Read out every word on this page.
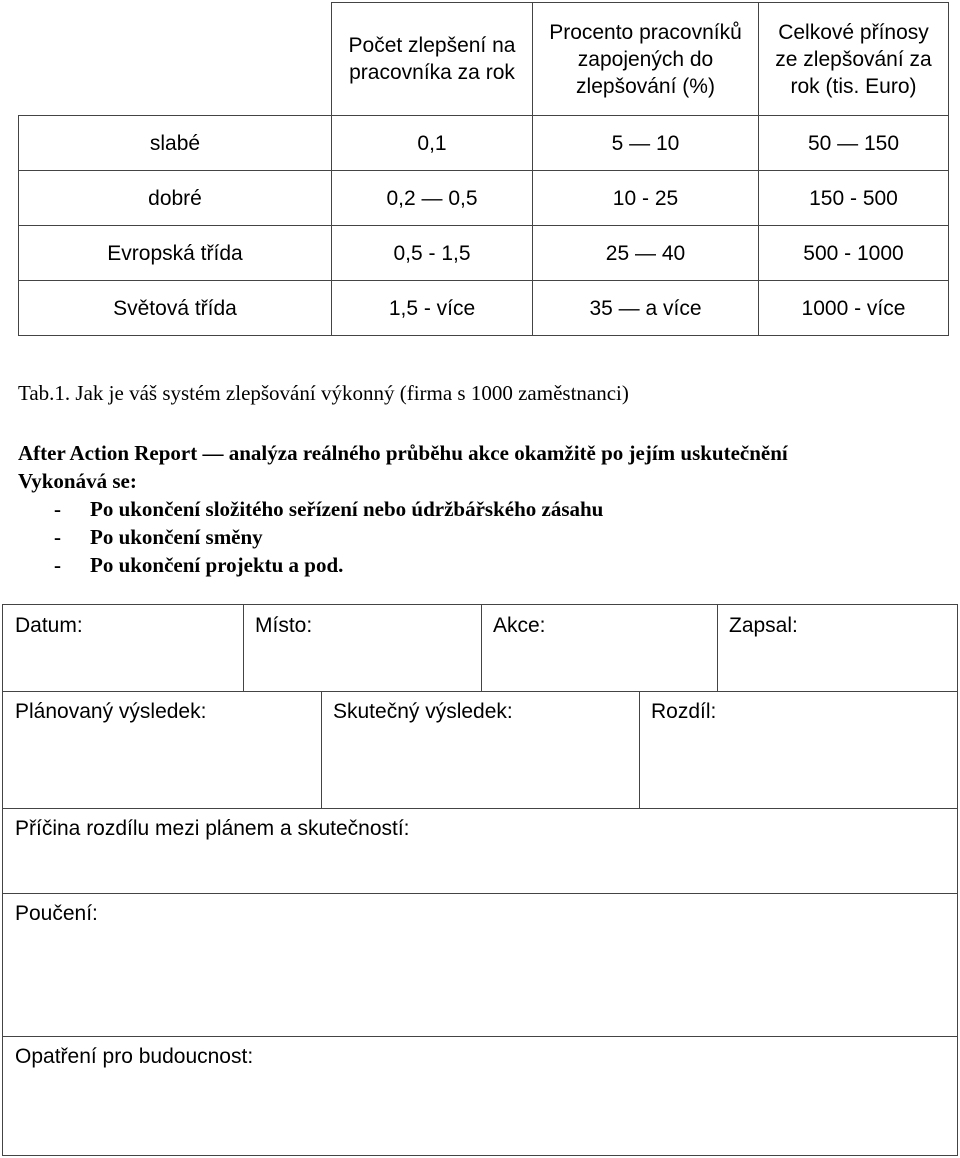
	Počet zlepšení na pracovníka za rok	Procento pracovníků zapojených do zlepšování (%)	Celkové přínosy ze zlepšování za rok (tis. Euro)
slabé	0,1	5 — 10	50 — 150
dobré	0,2 — 0,5	10 - 25	150 - 500
Evropská třída	0,5 - 1,5	25 — 40	500 - 1000
Světová třída	1,5 - více	35 — a více	1000 - více
Tab.1. Jak je váš systém zlepšování výkonný (firma s 1000 zaměstnanci)
After Action Report — analýza reálného průběhu akce okamžitě po jejím uskutečnění
Vykonává se:
-	Po ukončení složitého seřízení nebo údržbářského zásahu
-	Po ukončení směny
-	Po ukončení projektu a pod.
Datum:	Místo:	Akce:	Zapsal:
Plánovaný výsledek:	Skutečný výsledek:	Rozdíl:
Příčina rozdílu mezi plánem a skutečností:
Poučení:
Opatření pro budoucnost:
